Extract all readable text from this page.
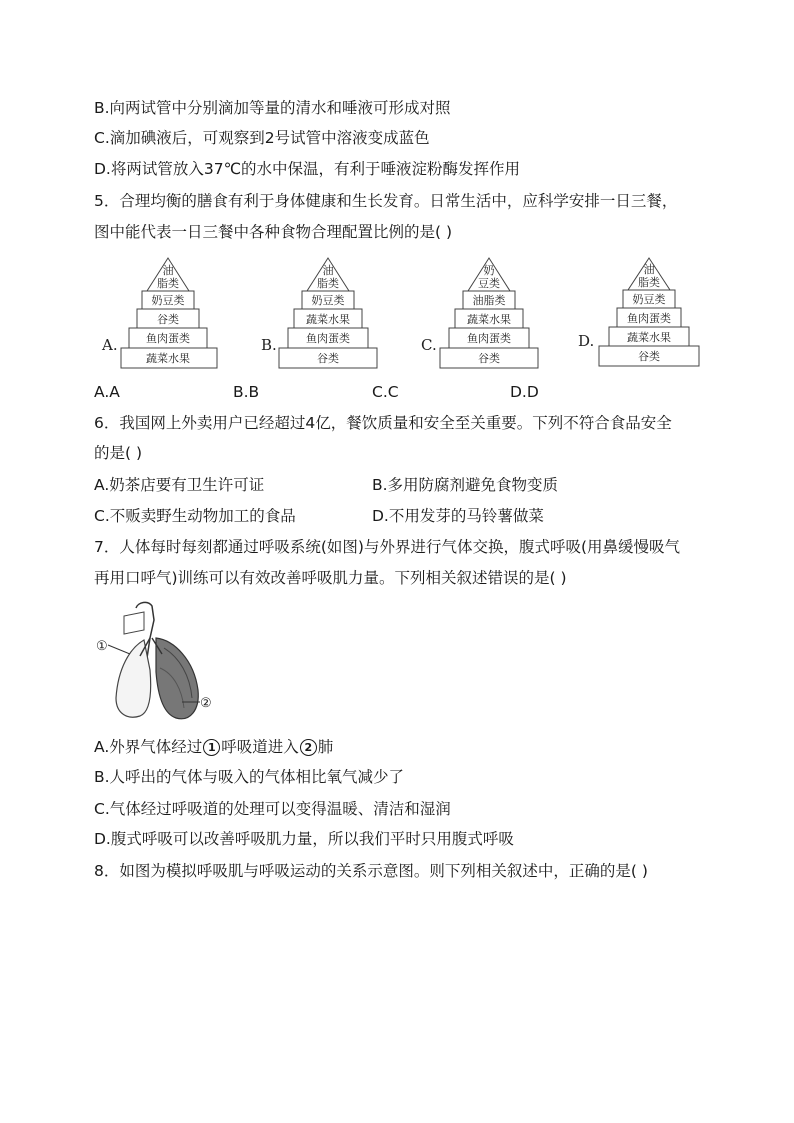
B.向两试管中分别滴加等量的清水和唾液可形成对照
C.滴加碘液后，可观察到2号试管中溶液变成蓝色
D.将两试管放入37℃的水中保温，有利于唾液淀粉酶发挥作用
5．合理均衡的膳食有利于身体健康和生长发育。日常生活中，应科学安排一日三餐，
图中能代表一日三餐中各种食物合理配置比例的是( )
A.
油
脂类
奶豆类
谷类
鱼肉蛋类
蔬菜水果
B.
油
脂类
奶豆类
蔬菜水果
鱼肉蛋类
谷类
C.
奶
豆类
油脂类
蔬菜水果
鱼肉蛋类
谷类
D.
油
脂类
奶豆类
鱼肉蛋类
蔬菜水果
谷类
A.A	B.B	C.C	D.D
6．我国网上外卖用户已经超过4亿，餐饮质量和安全至关重要。下列不符合食品安全
的是( )
A.奶茶店要有卫生许可证	B.多用防腐剂避免食物变质
C.不贩卖野生动物加工的食品	D.不用发芽的马铃薯做菜
7．人体每时每刻都通过呼吸系统(如图)与外界进行气体交换，腹式呼吸(用鼻缓慢吸气
再用口呼气)训练可以有效改善呼吸肌力量。下列相关叙述错误的是( )
①
②
A.外界气体经过 1 呼吸道进入 2 肺
B.人呼出的气体与吸入的气体相比氧气减少了
C.气体经过呼吸道的处理可以变得温暖、清洁和湿润
D.腹式呼吸可以改善呼吸肌力量，所以我们平时只用腹式呼吸
8．如图为模拟呼吸肌与呼吸运动的关系示意图。则下列相关叙述中，正确的是( )
